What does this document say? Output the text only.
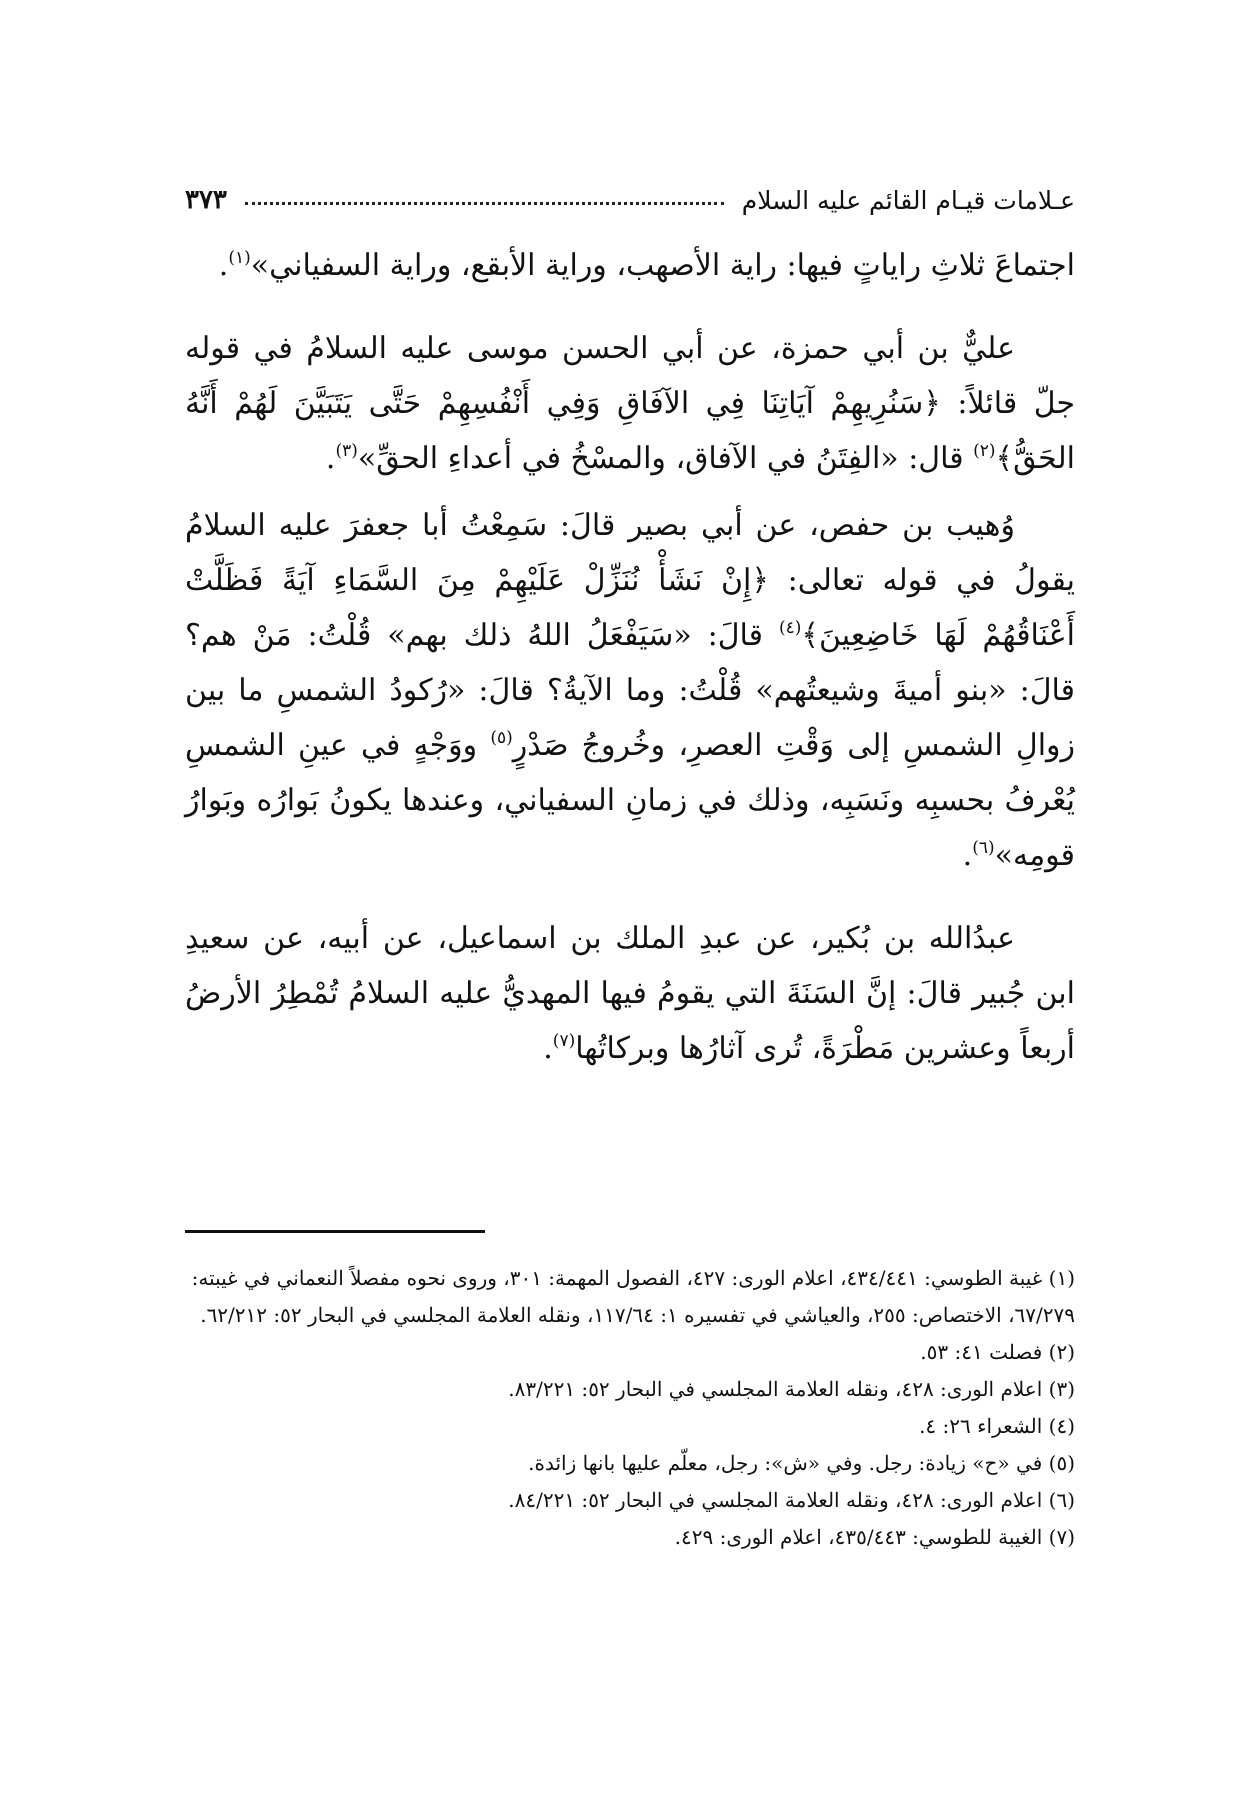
عـلامات قيـام القائم عليه السلام
٣٧٣

اجتماعَ ثلاثِ راياتٍ فيها: راية الأصهب، وراية الأبقع، وراية السفياني»$^{(١)}$.

عليٌّ بن أبي حمزة، عن أبي الحسن موسى عليه السلامُ في قوله جلّ قائلاً: ﴿سَنُرِيهِمْ آيَاتِنَا فِي الآفَاقِ وَفِي أَنْفُسِهِمْ حَتَّى يَتَبَيَّنَ لَهُمْ أَنَّهُ الحَقُّ﴾$^{(٢)}$ قال: «الفِتَنُ في الآفاق، والمسْخُ في أعداءِ الحقِّ»$^{(٣)}$.

وُهيب بن حفص، عن أبي بصير قالَ: سَمِعْتُ أبا جعفرَ عليه السلامُ يقولُ في قوله تعالى: ﴿إِنْ نَشَأْ نُنَزِّلْ عَلَيْهِمْ مِنَ السَّمَاءِ آيَةً فَظَلَّتْ أَعْنَاقُهُمْ لَهَا خَاضِعِينَ﴾$^{(٤)}$ قالَ: «سَيَفْعَلُ اللهُ ذلك بهم» قُلْتُ: مَنْ هم؟ قالَ: «بنو أميةَ وشيعتُهم» قُلْتُ: وما الآيةُ؟ قالَ: «رُكودُ الشمسِ ما بين زوالِ الشمسِ إلى وَقْتِ العصرِ، وخُروجُ صَدْرٍ$^{(٥)}$ ووَجْهٍ في عينِ الشمسِ يُعْرفُ بحسبِه ونَسَبِه، وذلك في زمانِ السفياني، وعندها يكونُ بَوارُه وبَوارُ قومِه»$^{(٦)}$.

عبدُالله بن بُكير، عن عبدِ الملك بن اسماعيل، عن أبيه، عن سعيدِ ابن جُبير قالَ: إنَّ السَنَةَ التي يقومُ فيها المهديُّ عليه السلامُ تُمْطِرُ الأرضُ أربعاً وعشرين مَطْرَةً، تُرى آثارُها وبركاتُها$^{(٧)}$.

(١) غيبة الطوسي: ٤٣٤/٤٤١، اعلام الورى: ٤٢٧، الفصول المهمة: ٣٠١، وروى نحوه مفصلاً النعماني في غيبته: ٦٧/٢٧٩، الاختصاص: ٢٥٥، والعياشي في تفسيره ١: ١١٧/٦٤، ونقله العلامة المجلسي في البحار ٥٢: ٦٢/٢١٢.

(٢) فصلت ٤١: ٥٣.

(٣) اعلام الورى: ٤٢٨، ونقله العلامة المجلسي في البحار ٥٢: ٨٣/٢٢١.

(٤) الشعراء ٢٦: ٤.

(٥) في «ح» زيادة: رجل. وفي «ش»: رجل، معلّم عليها بانها زائدة.

(٦) اعلام الورى: ٤٢٨، ونقله العلامة المجلسي في البحار ٥٢: ٨٤/٢٢١.

(٧) الغيبة للطوسي: ٤٣٥/٤٤٣، اعلام الورى: ٤٢٩.
